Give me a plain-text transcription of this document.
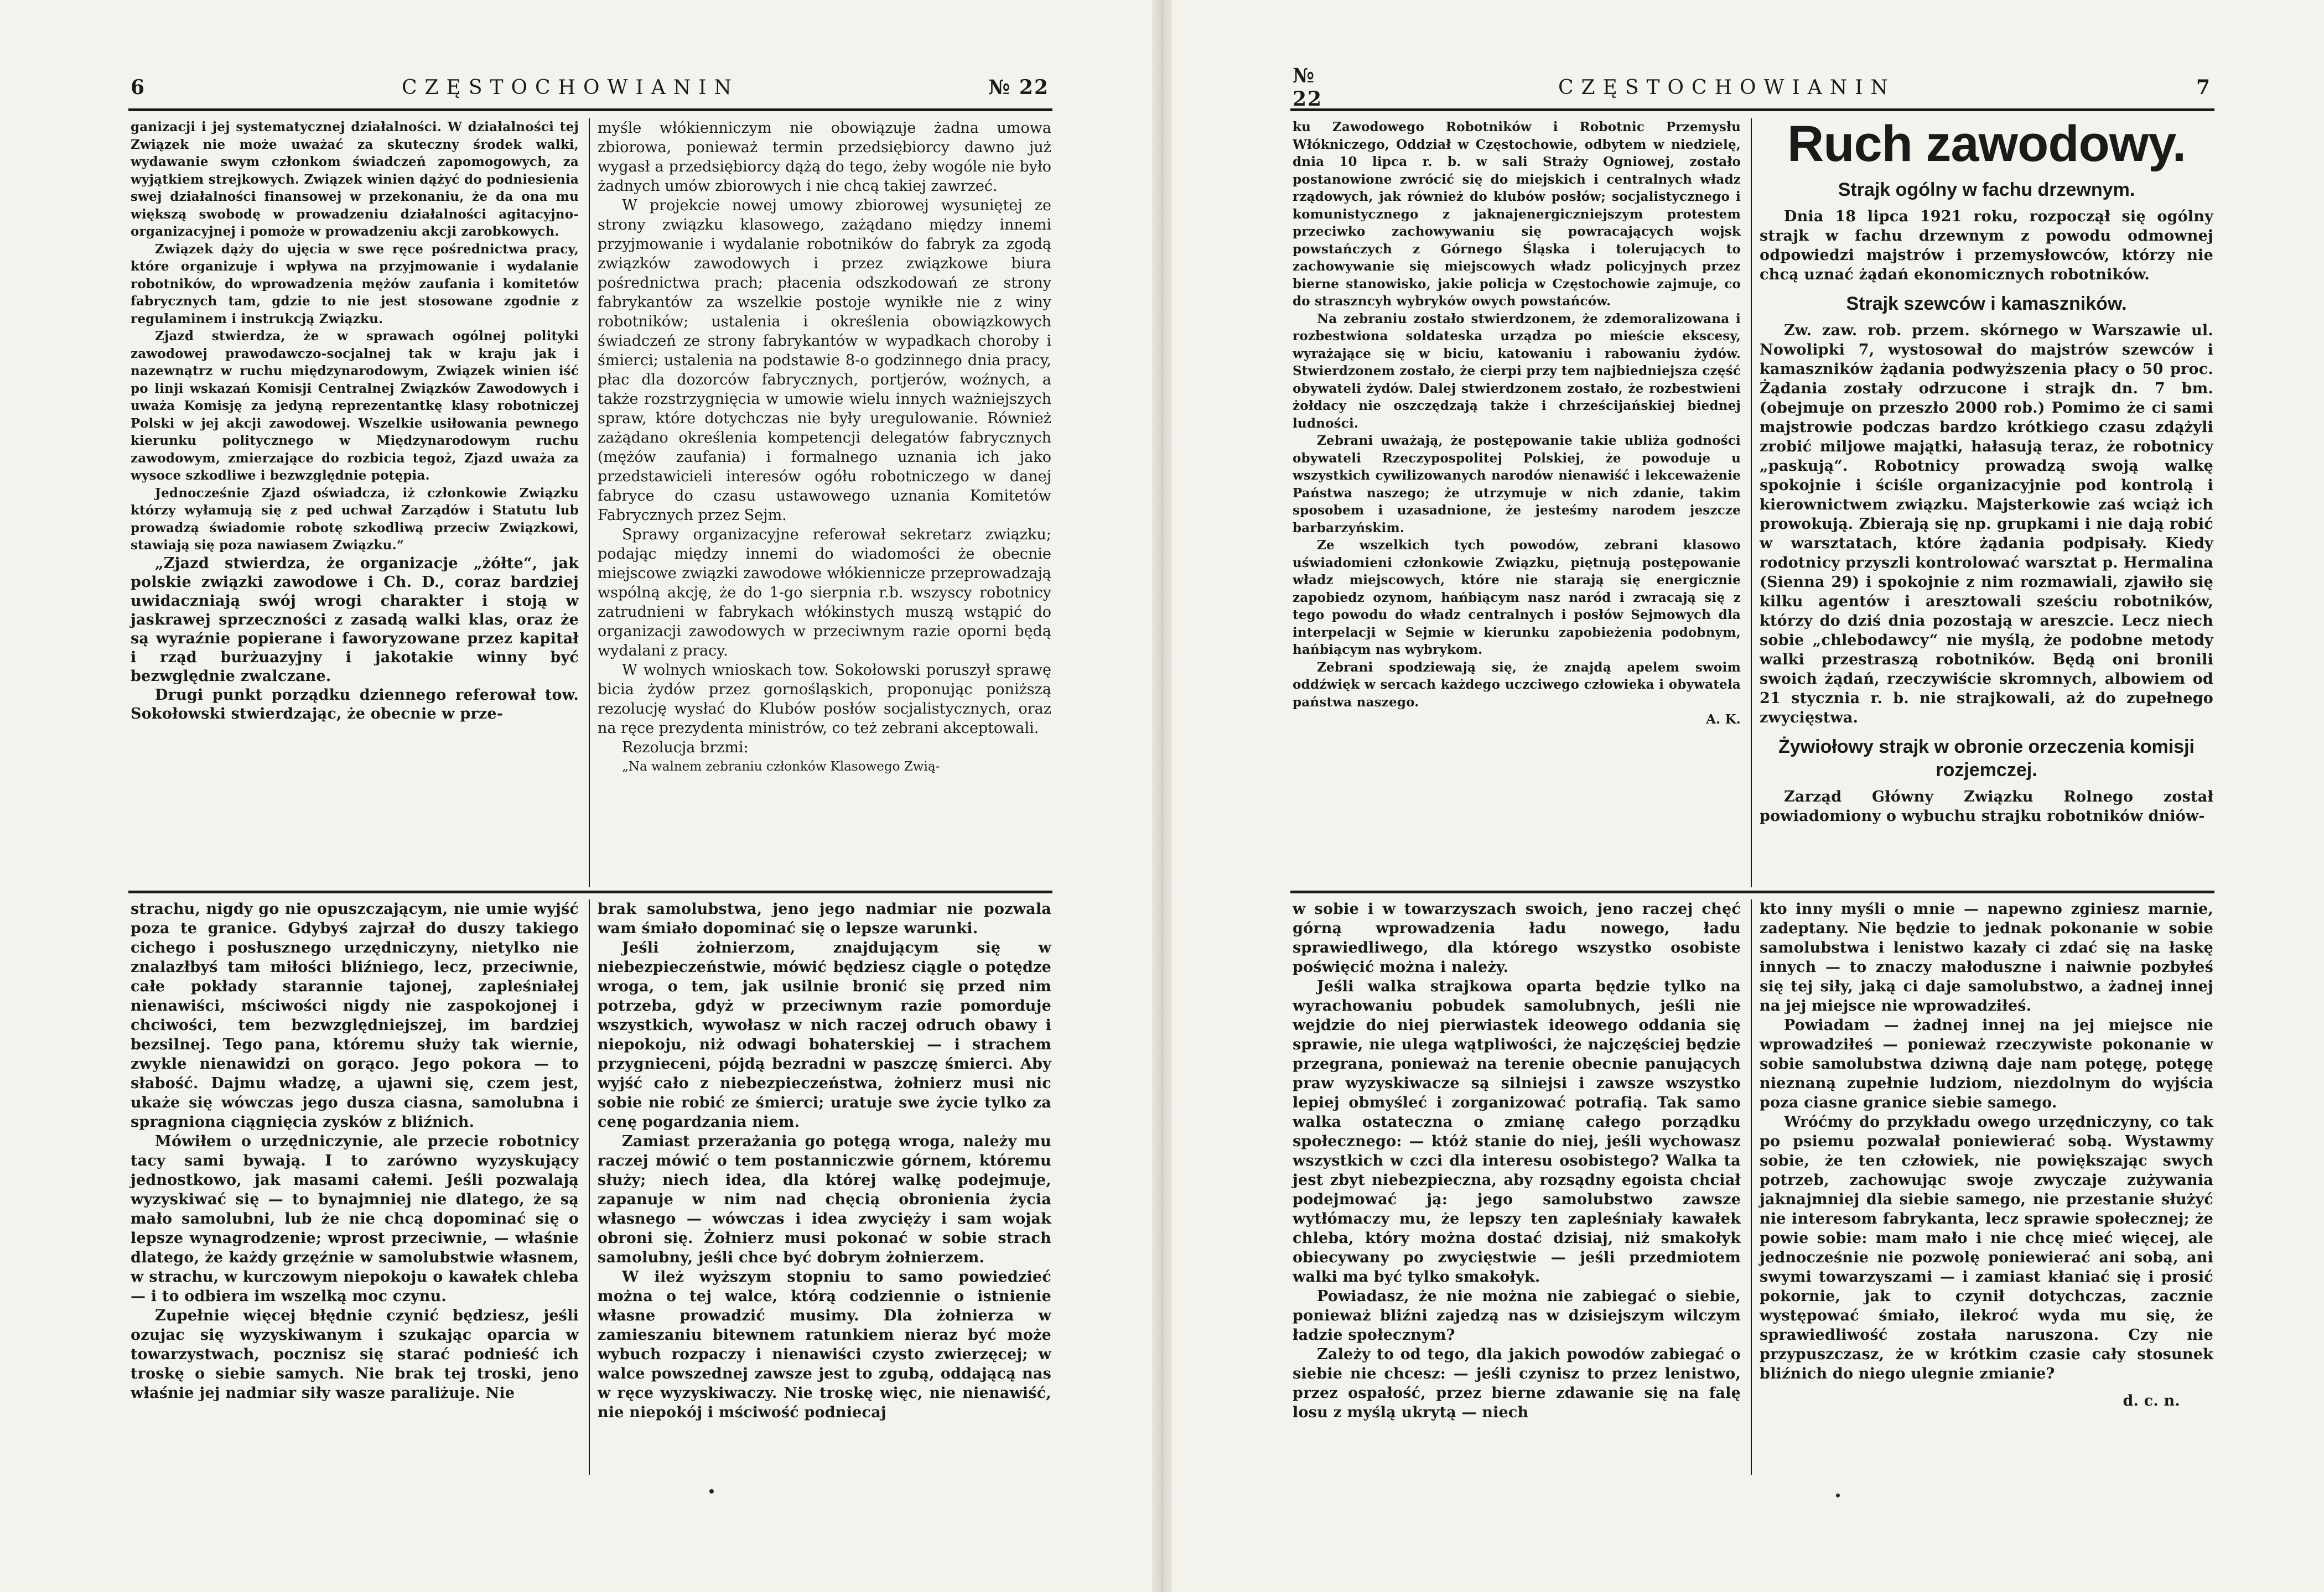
6	CZĘSTOCHOWIANIN	№ 22

ganizacji i jej systematycznej działalności. W działalności tej Związek nie może uważać za skuteczny środek walki, wydawanie swym członkom świadczeń zapomogowych, za wyjątkiem strejkowych. Związek winien dążyć do podniesienia swej działalności finansowej w przekonaniu, że da ona mu większą swobodę w prowadzeniu działalności agitacyjno-organizacyjnej i pomoże w prowadzeniu akcji zarobkowych.

Związek dąży do ujęcia w swe ręce pośrednictwa pracy, które organizuje i wpływa na przyjmowanie i wydalanie robotników, do wprowadzenia mężów zaufania i komitetów fabrycznych tam, gdzie to nie jest stosowane zgodnie z regulaminem i instrukcją Związku.

Zjazd stwierdza, że w sprawach ogólnej polityki zawodowej prawodawczo-socjalnej tak w kraju jak i nazewnątrz w ruchu międzynarodowym, Związek winien iść po linji wskazań Komisji Centralnej Związków Zawodowych i uważa Komisję za jedyną reprezentantkę klasy robotniczej Polski w jej akcji zawodowej. Wszelkie usiłowania pewnego kierunku politycznego w Międzynarodowym ruchu zawodowym, zmierzające do rozbicia tegoż, Zjazd uważa za wysoce szkodliwe i bezwzględnie potępia.

Jednocześnie Zjazd oświadcza, iż członkowie Związku którzy wyłamują się z ped uchwał Zarządów i Statutu lub prowadzą świadomie robotę szkodliwą przeciw Związkowi, stawiają się poza nawiasem Związku.“

„Zjazd stwierdza, że organizacje „żółte“, jak polskie związki zawodowe i Ch. D., coraz bardziej uwidaczniają swój wrogi charakter i stoją w jaskrawej sprzeczności z zasadą walki klas, oraz że są wyraźnie popierane i faworyzowane przez kapitał i rząd burżuazyjny i jakotakie winny być bezwględnie zwalczane.

Drugi punkt porządku dziennego referował tow. Sokołowski stwierdzając, że obecnie w prze-

myśle włókienniczym nie obowiązuje żadna umowa zbiorowa, ponieważ termin przedsiębiorcy dawno już wygasł a przedsiębiorcy dążą do tego, żeby wogóle nie było żadnych umów zbiorowych i nie chcą takiej zawrzeć.

W projekcie nowej umowy zbiorowej wysuniętej ze strony związku klasowego, zażądano między innemi przyjmowanie i wydalanie robotników do fabryk za zgodą związków zawodowych i przez związkowe biura pośrednictwa prach; płacenia odszkodowań ze strony fabrykantów za wszelkie postoje wynikłe nie z winy robotników; ustalenia i określenia obowiązkowych świadczeń ze strony fabrykantów w wypadkach choroby i śmierci; ustalenia na podstawie 8-o godzinnego dnia pracy, płac dla dozorców fabrycznych, portjerów, woźnych, a także rozstrzygnięcia w umowie wielu innych ważniejszych spraw, które dotychczas nie były uregulowanie. Również zażądano określenia kompetencji delegatów fabrycznych (mężów zaufania) i formalnego uznania ich jako przedstawicieli interesów ogółu robotniczego w danej fabryce do czasu ustawowego uznania Komitetów Fabrycznych przez Sejm.

Sprawy organizacyjne referował sekretarz związku; podając między innemi do wiadomości że obecnie miejscowe związki zawodowe włókiennicze przeprowadzają wspólną akcję, że do 1-go sierpnia r.b. wszyscy robotnicy zatrudnieni w fabrykach włókinstych muszą wstąpić do organizacji zawodowych w przeciwnym razie oporni będą wydalani z pracy.

W wolnych wnioskach tow. Sokołowski poruszył sprawę bicia żydów przez gornośląskich, proponując poniższą rezolucję wysłać do Klubów posłów socjalistycznych, oraz na ręce prezydenta ministrów, co też zebrani akceptowali.

Rezolucja brzmi:

„Na walnem zebraniu członków Klasowego Zwią-

strachu, nigdy go nie opuszczającym, nie umie wyjść poza te granice. Gdybyś zajrzał do duszy takiego cichego i posłusznego urzędniczyny, nietylko nie znalazłbyś tam miłości bliźniego, lecz, przeciwnie, całe pokłady starannie tajonej, zapleśniałej nienawiści, mściwości nigdy nie zaspokojonej i chciwości, tem bezwzględniejszej, im bardziej bezsilnej. Tego pana, któremu służy tak wiernie, zwykle nienawidzi on gorąco. Jego pokora — to słabość. Dajmu władzę, a ujawni się, czem jest, ukaże się wówczas jego dusza ciasna, samolubna i spragniona ciągnięcia zysków z bliźnich.

Mówiłem o urzędniczynie, ale przecie robotnicy tacy sami bywają. I to zarówno wyzyskujący jednostkowo, jak masami całemi. Jeśli pozwalają wyzyskiwać się — to bynajmniej nie dlatego, że są mało samolubni, lub że nie chcą dopominać się o lepsze wynagrodzenie; wprost przeciwnie, — właśnie dlatego, że każdy grzęźnie w samolubstwie własnem, w strachu, w kurczowym niepokoju o kawałek chleba — i to odbiera im wszelką moc czynu.

Zupełnie więcej błędnie czynić będziesz, jeśli ozujac się wyzyskiwanym i szukając oparcia w towarzystwach, pocznisz się starać podnieść ich troskę o siebie samych. Nie brak tej troski, jeno właśnie jej nadmiar siły wasze paraliżuje. Nie

brak samolubstwa, jeno jego nadmiar nie pozwala wam śmiało dopominać się o lepsze warunki.

Jeśli żołnierzom, znajdującym się w niebezpieczeństwie, mówić będziesz ciągle o potędze wroga, o tem, jak usilnie bronić się przed nim potrzeba, gdyż w przeciwnym razie pomorduje wszystkich, wywołasz w nich raczej odruch obawy i niepokoju, niż odwagi bohaterskiej — i strachem przygnieceni, pójdą bezradni w paszczę śmierci. Aby wyjść cało z niebezpieczeństwa, żołnierz musi nic sobie nie robić ze śmierci; uratuje swe życie tylko za cenę pogardzania niem.

Zamiast przerażania go potęgą wroga, należy mu raczej mówić o tem postanniczwie górnem, któremu służy; niech idea, dla której walkę podejmuje, zapanuje w nim nad chęcią obronienia życia własnego — wówczas i idea zwycięży i sam wojak obroni się. Żołnierz musi pokonać w sobie strach samolubny, jeśli chce być dobrym żołnierzem.

W ileż wyższym stopniu to samo powiedzieć można o tej walce, którą codziennie o istnienie własne prowadzić musimy. Dla żołnierza w zamieszaniu bitewnem ratunkiem nieraz być może wybuch rozpaczy i nienawiści czysto zwierzęcej; w walce powszednej zawsze jest to zgubą, oddającą nas w ręce wyzyskiwaczy. Nie troskę więc, nie nienawiść, nie niepokój i mściwość podniecaj

№ 22	CZĘSTOCHOWIANIN	7

ku Zawodowego Robotników i Robotnic Przemysłu Włókniczego, Oddział w Częstochowie, odbytem w niedzielę, dnia 10 lipca r. b. w sali Straży Ogniowej, zostało postanowione zwrócić się do miejskich i centralnych władz rządowych, jak również do klubów posłów; socjalistycznego i komunistycznego z jaknajenergiczniejszym protestem przeciwko zachowywaniu się powracających wojsk powstańczych z Górnego Śląska i tolerujących to zachowywanie się miejscowych władz policyjnych przez bierne stanowisko, jakie policja w Częstochowie zajmuje, co do straszncyh wybryków owych powstańców.

Na zebraniu zostało stwierdzonem, że zdemoralizowana i rozbestwiona soldateska urządza po mieście ekscesy, wyrażające się w biciu, katowaniu i rabowaniu żydów. Stwierdzonem zostało, że cierpi przy tem najbiedniejsza część obywateli żydów. Dalej stwierdzonem zostało, że rozbestwieni żołdacy nie oszczędzają także i chrześcijańskiej biednej ludności.

Zebrani uważają, że postępowanie takie ubliża godności obywateli Rzeczypospolitej Polskiej, że powoduje u wszystkich cywilizowanych narodów nienawiść i lekceważenie Państwa naszego; że utrzymuje w nich zdanie, takim sposobem i uzasadnione, że jesteśmy narodem jeszcze barbarzyńskim.

Ze wszelkich tych powodów, zebrani klasowo uświadomieni członkowie Związku, piętnują postępowanie władz miejscowych, które nie starają się energicznie zapobiedz ozynom, hańbiącym nasz naród i zwracają się z tego powodu do władz centralnych i posłów Sejmowych dla interpelacji w Sejmie w kierunku zapobieżenia podobnym, hańbiącym nas wybrykom.

Zebrani spodziewają się, że znajdą apelem swoim oddźwięk w sercach każdego uczciwego człowieka i obywatela państwa naszego.

A. K.

Ruch zawodowy.
Strajk ogólny w fachu drzewnym.

Dnia 18 lipca 1921 roku, rozpoczął się ogólny strajk w fachu drzewnym z powodu odmownej odpowiedzi majstrów i przemysłowców, którzy nie chcą uznać żądań ekonomicznych robotników.

Strajk szewców i kamaszników.

Zw. zaw. rob. przem. skórnego w Warszawie ul. Nowolipki 7, wystosował do majstrów szewców i kamaszników żądania podwyższenia płacy o 50 proc. Żądania zostały odrzucone i strajk dn. 7 bm. (obejmuje on przeszło 2000 rob.) Pomimo że ci sami majstrowie podczas bardzo krótkiego czasu zdążyli zrobić miljowe majątki, hałasują teraz, że robotnicy „paskują“. Robotnicy prowadzą swoją walkę spokojnie i ściśle organizacyjnie pod kontrolą i kierownictwem związku. Majsterkowie zaś wciąż ich prowokują. Zbierają się np. grupkami i nie dają robić w warsztatach, które żądania podpisały. Kiedy rodotnicy przyszli kontrolować warsztat p. Hermalina (Sienna 29) i spokojnie z nim rozmawiali, zjawiło się kilku agentów i aresztowali sześciu robotników, którzy do dziś dnia pozostają w areszcie. Lecz niech sobie „chlebodawcy“ nie myślą, że podobne metody walki przestraszą robotników. Będą oni bronili swoich żądań, rzeczywiście skromnych, albowiem od 21 stycznia r. b. nie strajkowali, aż do zupełnego zwycięstwa.

Żywiołowy strajk w obronie orzeczenia komisji rozjemczej.

Zarząd Główny Związku Rolnego został powiadomiony o wybuchu strajku robotników dniów-

w sobie i w towarzyszach swoich, jeno raczej chęć górną wprowadzenia ładu nowego, ładu sprawiedliwego, dla którego wszystko osobiste poświęcić można i należy.

Jeśli walka strajkowa oparta będzie tylko na wyrachowaniu pobudek samolubnych, jeśli nie wejdzie do niej pierwiastek ideowego oddania się sprawie, nie ulega wątpliwości, że najczęściej będzie przegrana, ponieważ na terenie obecnie panujących praw wyzyskiwacze są silniejsi i zawsze wszystko lepiej obmyśleć i zorganizować potrafią. Tak samo walka ostateczna o zmianę całego porządku społecznego: — któż stanie do niej, jeśli wychowasz wszystkich w czci dla interesu osobistego? Walka ta jest zbyt niebezpieczna, aby rozsądny egoista chciał podejmować ją: jego samolubstwo zawsze wytłómaczy mu, że lepszy ten zapleśniały kawałek chleba, który można dostać dzisiaj, niż smakołyk obiecywany po zwycięstwie — jeśli przedmiotem walki ma być tylko smakołyk.

Powiadasz, że nie można nie zabiegać o siebie, ponieważ bliźni zajedzą nas w dzisiejszym wilczym ładzie społecznym?

Zależy to od tego, dla jakich powodów zabiegać o siebie nie chcesz: — jeśli czynisz to przez lenistwo, przez ospałość, przez bierne zdawanie się na falę losu z myślą ukrytą — niech

kto inny myśli o mnie — napewno zginiesz marnie, zadeptany. Nie będzie to jednak pokonanie w sobie samolubstwa i lenistwo kazały ci zdać się na łaskę innych — to znaczy małoduszne i naiwnie pozbyłeś się tej siły, jaką ci daje samolubstwo, a żadnej innej na jej miejsce nie wprowadziłeś.

Powiadam — żadnej innej na jej miejsce nie wprowadziłeś — ponieważ rzeczywiste pokonanie w sobie samolubstwa dziwną daje nam potęgę, potęgę nieznaną zupełnie ludziom, niezdolnym do wyjścia poza ciasne granice siebie samego.

Wróćmy do przykładu owego urzędniczyny, co tak po psiemu pozwalał poniewierać sobą. Wystawmy sobie, że ten człowiek, nie powiększając swych potrzeb, zachowując swoje zwyczaje zużywania jaknajmniej dla siebie samego, nie przestanie służyć nie interesom fabrykanta, lecz sprawie społecznej; że powie sobie: mam mało i nie chcę mieć więcej, ale jednocześnie nie pozwolę poniewierać ani sobą, ani swymi towarzyszami — i zamiast kłaniać się i prosić pokornie, jak to czynił dotychczas, zacznie występować śmiało, ilekroć wyda mu się, że sprawiedliwość została naruszona. Czy nie przypuszczasz, że w krótkim czasie cały stosunek bliźnich do niego ulegnie zmianie?

d. c. n.
